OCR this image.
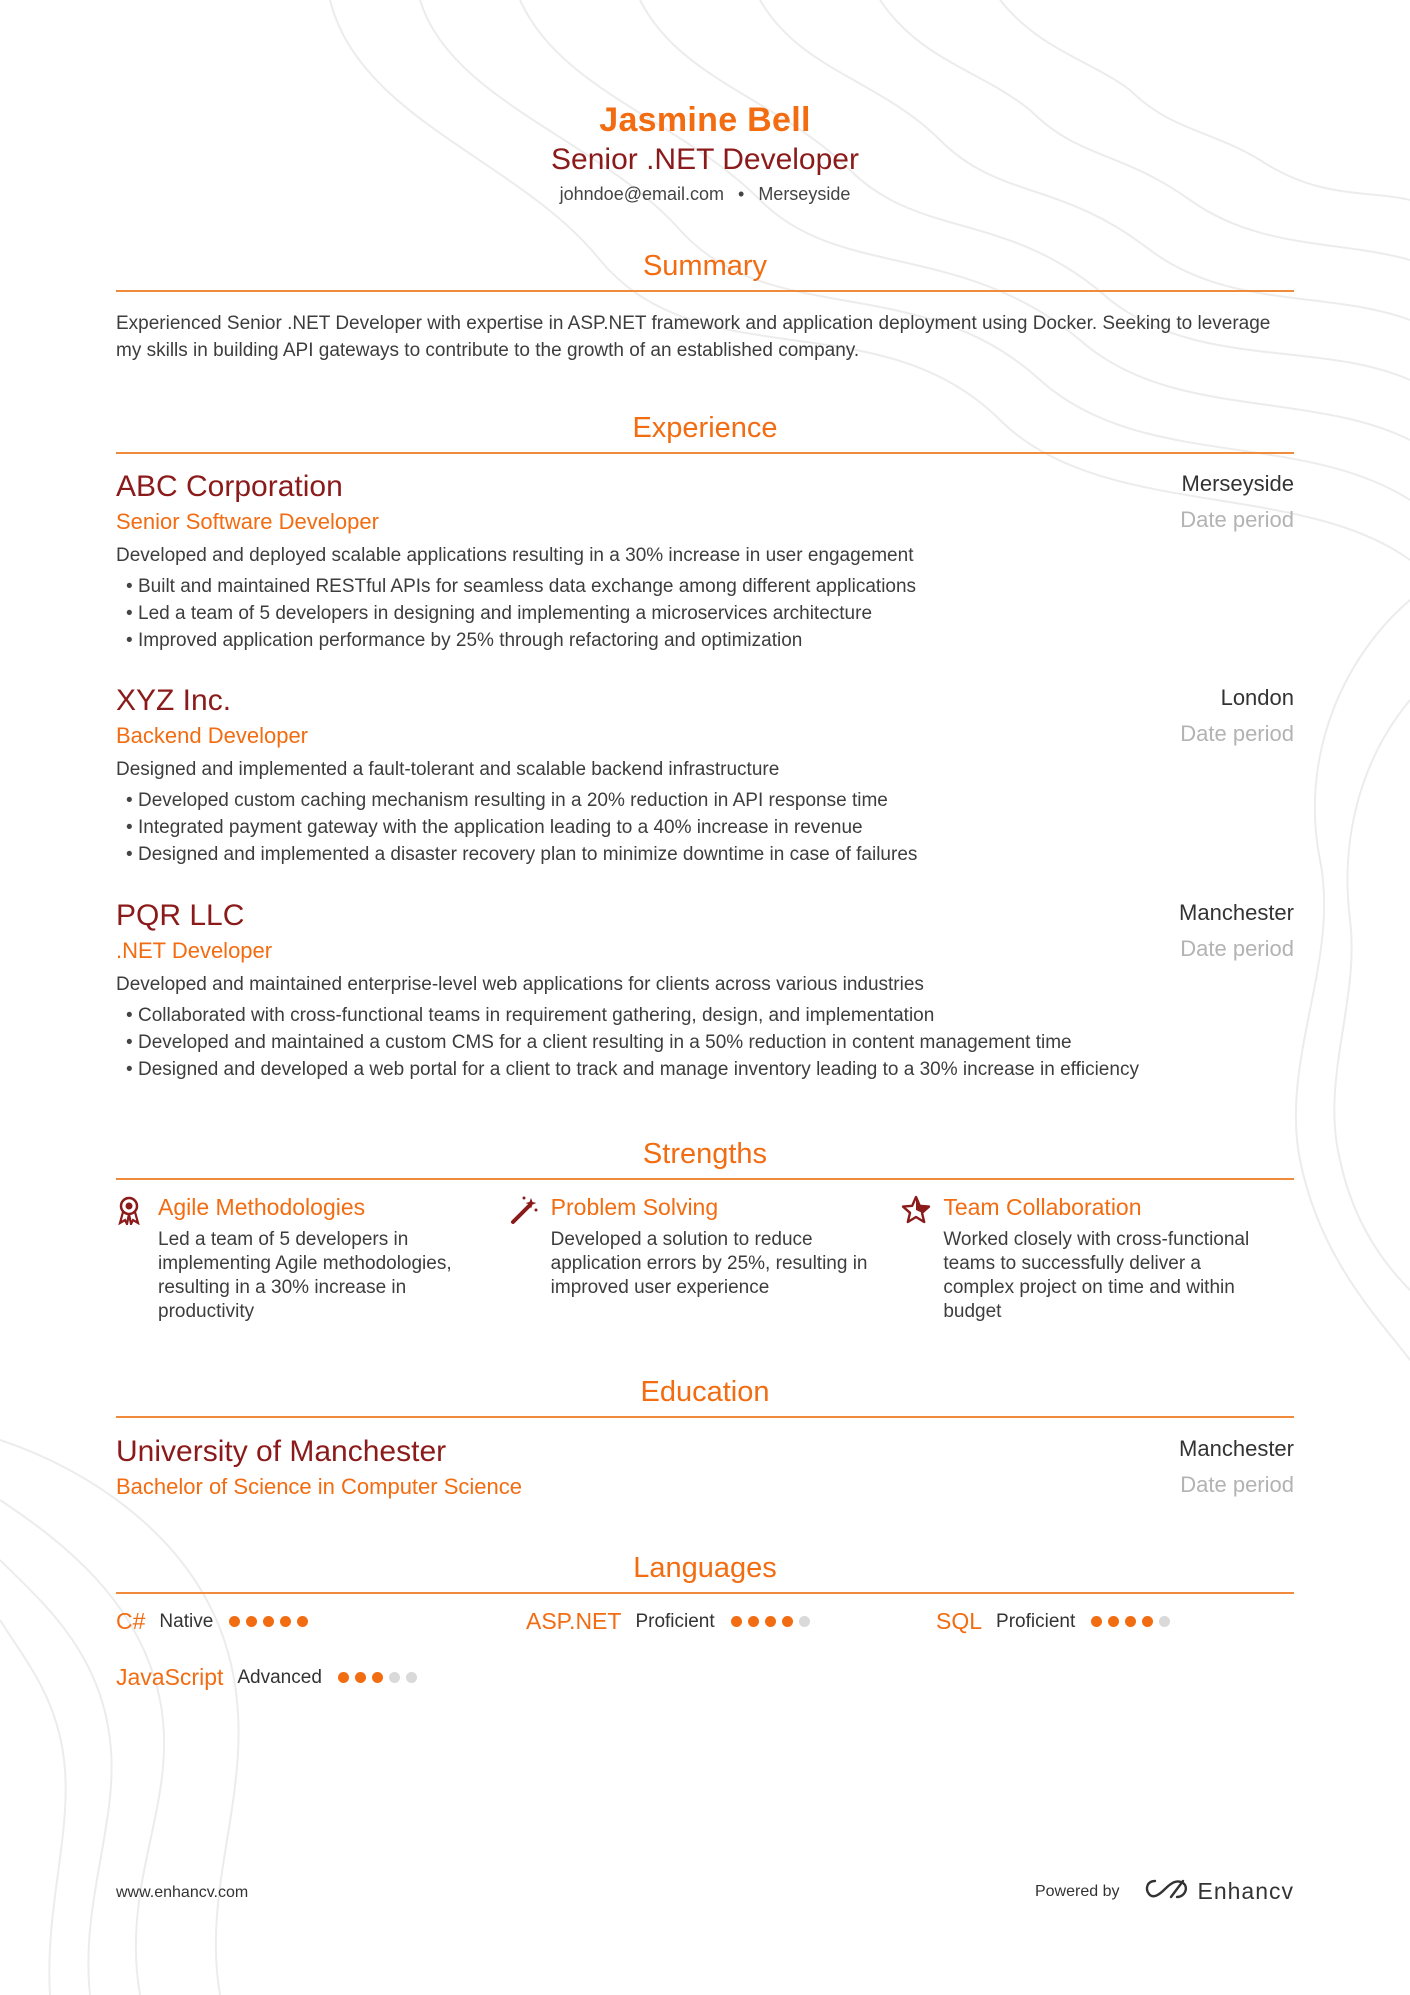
Jasmine Bell
Senior .NET Developer
johndoe@email.com • Merseyside
Summary
Experienced Senior .NET Developer with expertise in ASP.NET framework and application deployment using Docker. Seeking to leverage my skills in building API gateways to contribute to the growth of an established company.
Experience
ABC Corporation
Senior Software Developer
Merseyside
Date period
Developed and deployed scalable applications resulting in a 30% increase in user engagement
• Built and maintained RESTful APIs for seamless data exchange among different applications
• Led a team of 5 developers in designing and implementing a microservices architecture
• Improved application performance by 25% through refactoring and optimization
XYZ Inc.
Backend Developer
London
Date period
Designed and implemented a fault-tolerant and scalable backend infrastructure
• Developed custom caching mechanism resulting in a 20% reduction in API response time
• Integrated payment gateway with the application leading to a 40% increase in revenue
• Designed and implemented a disaster recovery plan to minimize downtime in case of failures
PQR LLC
.NET Developer
Manchester
Date period
Developed and maintained enterprise-level web applications for clients across various industries
• Collaborated with cross-functional teams in requirement gathering, design, and implementation
• Developed and maintained a custom CMS for a client resulting in a 50% reduction in content management time
• Designed and developed a web portal for a client to track and manage inventory leading to a 30% increase in efficiency
Strengths
Agile Methodologies
Led a team of 5 developers in implementing Agile methodologies, resulting in a 30% increase in productivity
Problem Solving
Developed a solution to reduce application errors by 25%, resulting in improved user experience
Team Collaboration
Worked closely with cross-functional teams to successfully deliver a complex project on time and within budget
Education
University of Manchester
Bachelor of Science in Computer Science
Manchester
Date period
Languages
C# Native	ASP.NET Proficient	SQL Proficient
JavaScript Advanced
www.enhancv.com	Powered by	Enhancv
